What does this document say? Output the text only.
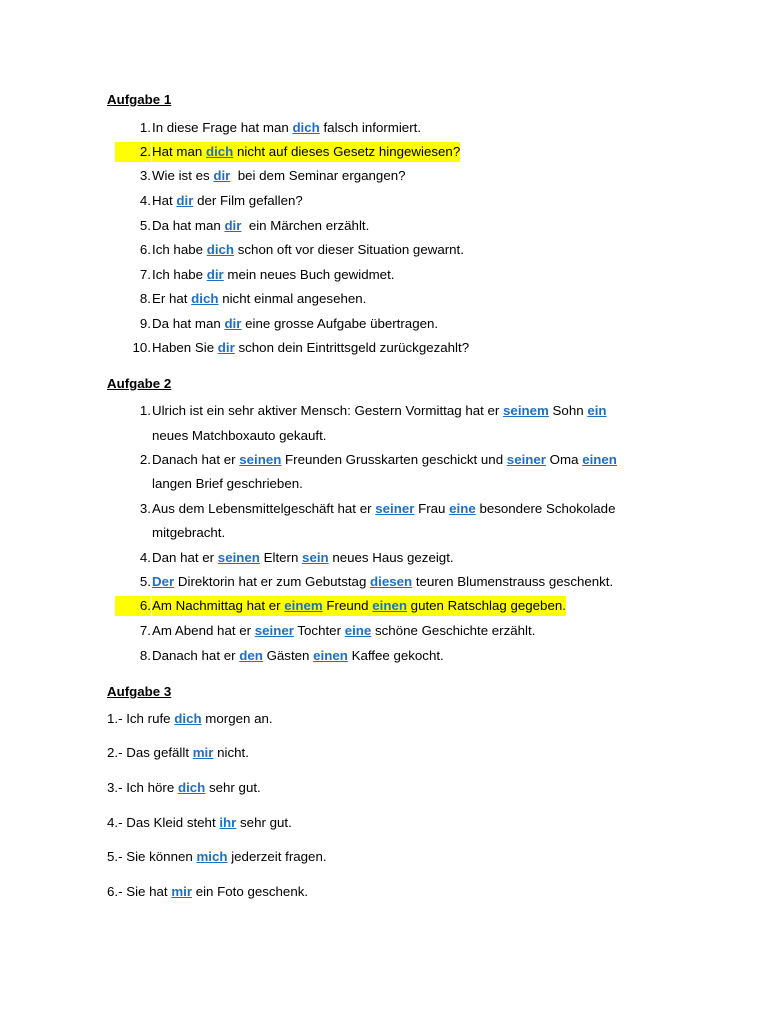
Aufgabe 1
1. In diese Frage hat man dich falsch informiert.
2. Hat man dich nicht auf dieses Gesetz hingewiesen?
3. Wie ist es dir  bei dem Seminar ergangen?
4. Hat dir der Film gefallen?
5. Da hat man dir  ein Märchen erzählt.
6. Ich habe dich schon oft vor dieser Situation gewarnt.
7. Ich habe dir mein neues Buch gewidmet.
8. Er hat dich nicht einmal angesehen.
9. Da hat man dir eine grosse Aufgabe übertragen.
10. Haben Sie dir schon dein Eintrittsgeld zurückgezahlt?
Aufgabe 2
1. Ulrich ist ein sehr aktiver Mensch: Gestern Vormittag hat er seinem Sohn ein
neues Matchboxauto gekauft.
2. Danach hat er seinen Freunden Grusskarten geschickt und seiner Oma einen
langen Brief geschrieben.
3. Aus dem Lebensmittelgeschäft hat er seiner Frau eine besondere Schokolade
mitgebracht.
4. Dan hat er seinen Eltern sein neues Haus gezeigt.
5. Der Direktorin hat er zum Gebutstag diesen teuren Blumenstrauss geschenkt.
6. Am Nachmittag hat er einem Freund einen guten Ratschlag gegeben.
7. Am Abend hat er seiner Tochter eine schöne Geschichte erzählt.
8. Danach hat er den Gästen einen Kaffee gekocht.
Aufgabe 3
1.- Ich rufe dich morgen an.
2.- Das gefällt mir nicht.
3.- Ich höre dich sehr gut.
4.- Das Kleid steht ihr sehr gut.
5.- Sie können mich jederzeit fragen.
6.- Sie hat mir ein Foto geschenk.
